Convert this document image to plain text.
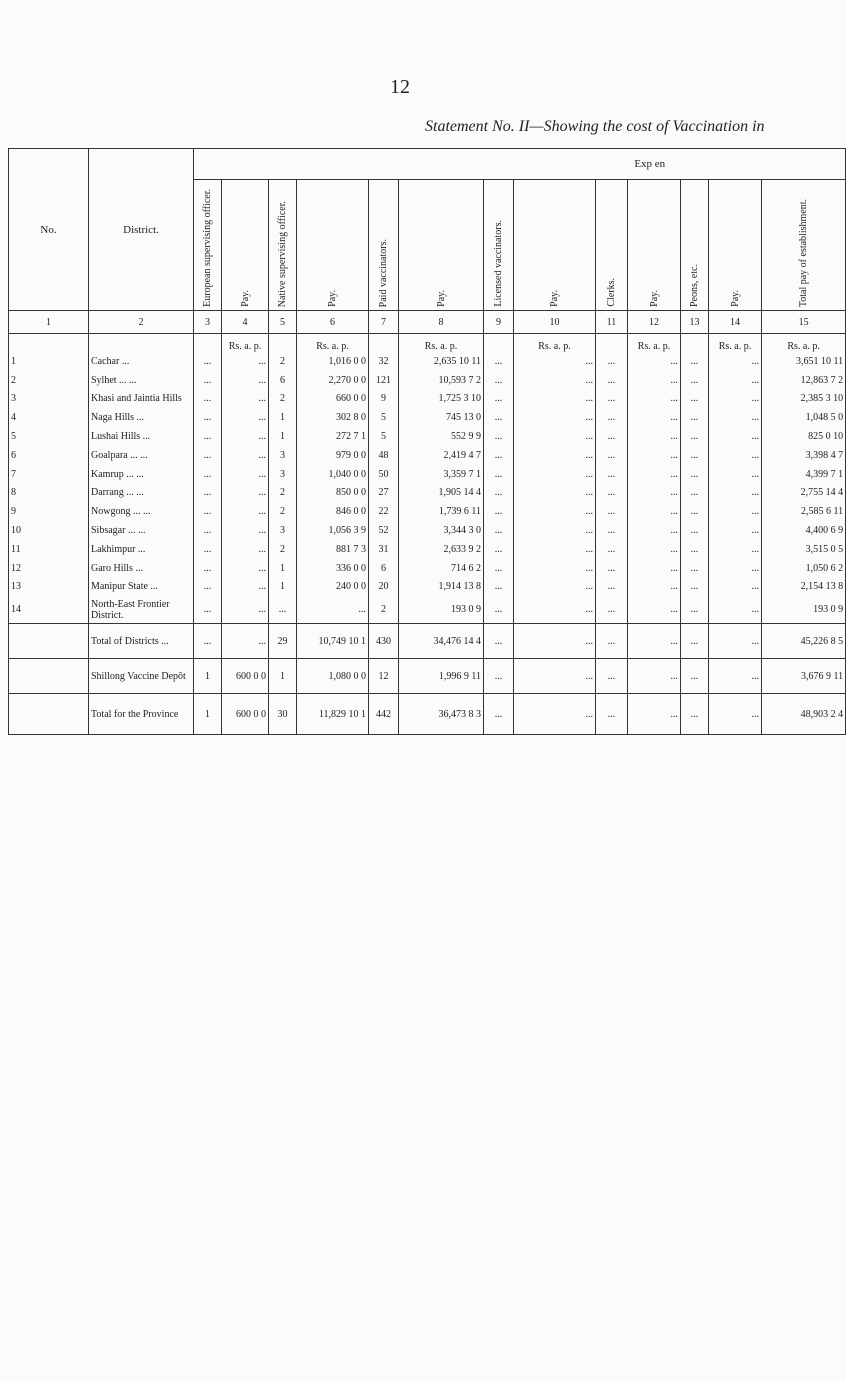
12
Statement No. II—Showing the cost of Vaccination in
No.	District.	Exp en												
		European supervising officer.	Pay.	Native supervising officer.	Pay.	Paid vaccinators.	Pay.	Licensed vaccinators.	Pay.	Clerks.	Pay.	Peons, etc.	Pay.	Total pay of establishment.
1	2	3	4	5	6	7	8	9	10	11	12	13	14	15
			Rs. a. p.		Rs. a. p.		Rs. a. p.		Rs. a. p.		Rs. a. p.		Rs. a. p.	Rs. a. p.
1	Cachar ...	...	...	2	1,016 0 0	32	2,635 10 11	...	...	...	...	...	...	3,651 10 11
2	Sylhet ... ...	...	...	6	2,270 0 0	121	10,593 7 2	...	...	...	...	...	...	12,863 7 2
3	Khasi and Jaintia Hills	...	...	2	660 0 0	9	1,725 3 10	...	...	...	...	...	...	2,385 3 10
4	Naga Hills ...	...	...	1	302 8 0	5	745 13 0	...	...	...	...	...	...	1,048 5 0
5	Lushai Hills ...	...	...	1	272 7 1	5	552 9 9	...	...	...	...	...	...	825 0 10
6	Goalpara ... ...	...	...	3	979 0 0	48	2,419 4 7	...	...	...	...	...	...	3,398 4 7
7	Kamrup ... ...	...	...	3	1,040 0 0	50	3,359 7 1	...	...	...	...	...	...	4,399 7 1
8	Darrang ... ...	...	...	2	850 0 0	27	1,905 14 4	...	...	...	...	...	...	2,755 14 4
9	Nowgong ... ...	...	...	2	846 0 0	22	1,739 6 11	...	...	...	...	...	...	2,585 6 11
10	Sibsagar ... ...	...	...	3	1,056 3 9	52	3,344 3 0	...	...	...	...	...	...	4,400 6 9
11	Lakhimpur ...	...	...	2	881 7 3	31	2,633 9 2	...	...	...	...	...	...	3,515 0 5
12	Garo Hills ...	...	...	1	336 0 0	6	714 6 2	...	...	...	...	...	...	1,050 6 2
13	Manipur State ...	...	...	1	240 0 0	20	1,914 13 8	...	...	...	...	...	...	2,154 13 8
14	North-East Frontier District.	...	...	...	...	2	193 0 9	...	...	...	...	...	...	193 0 9
	Total of Districts ...	...	...	29	10,749 10 1	430	34,476 14 4	...	...	...	...	...	...	45,226 8 5
	Shillong Vaccine Depôt	1	600 0 0	1	1,080 0 0	12	1,996 9 11	...	...	...	...	...	...	3,676 9 11
	Total for the Province	1	600 0 0	30	11,829 10 1	442	36,473 8 3	...	...	...	...	...	...	48,903 2 4
